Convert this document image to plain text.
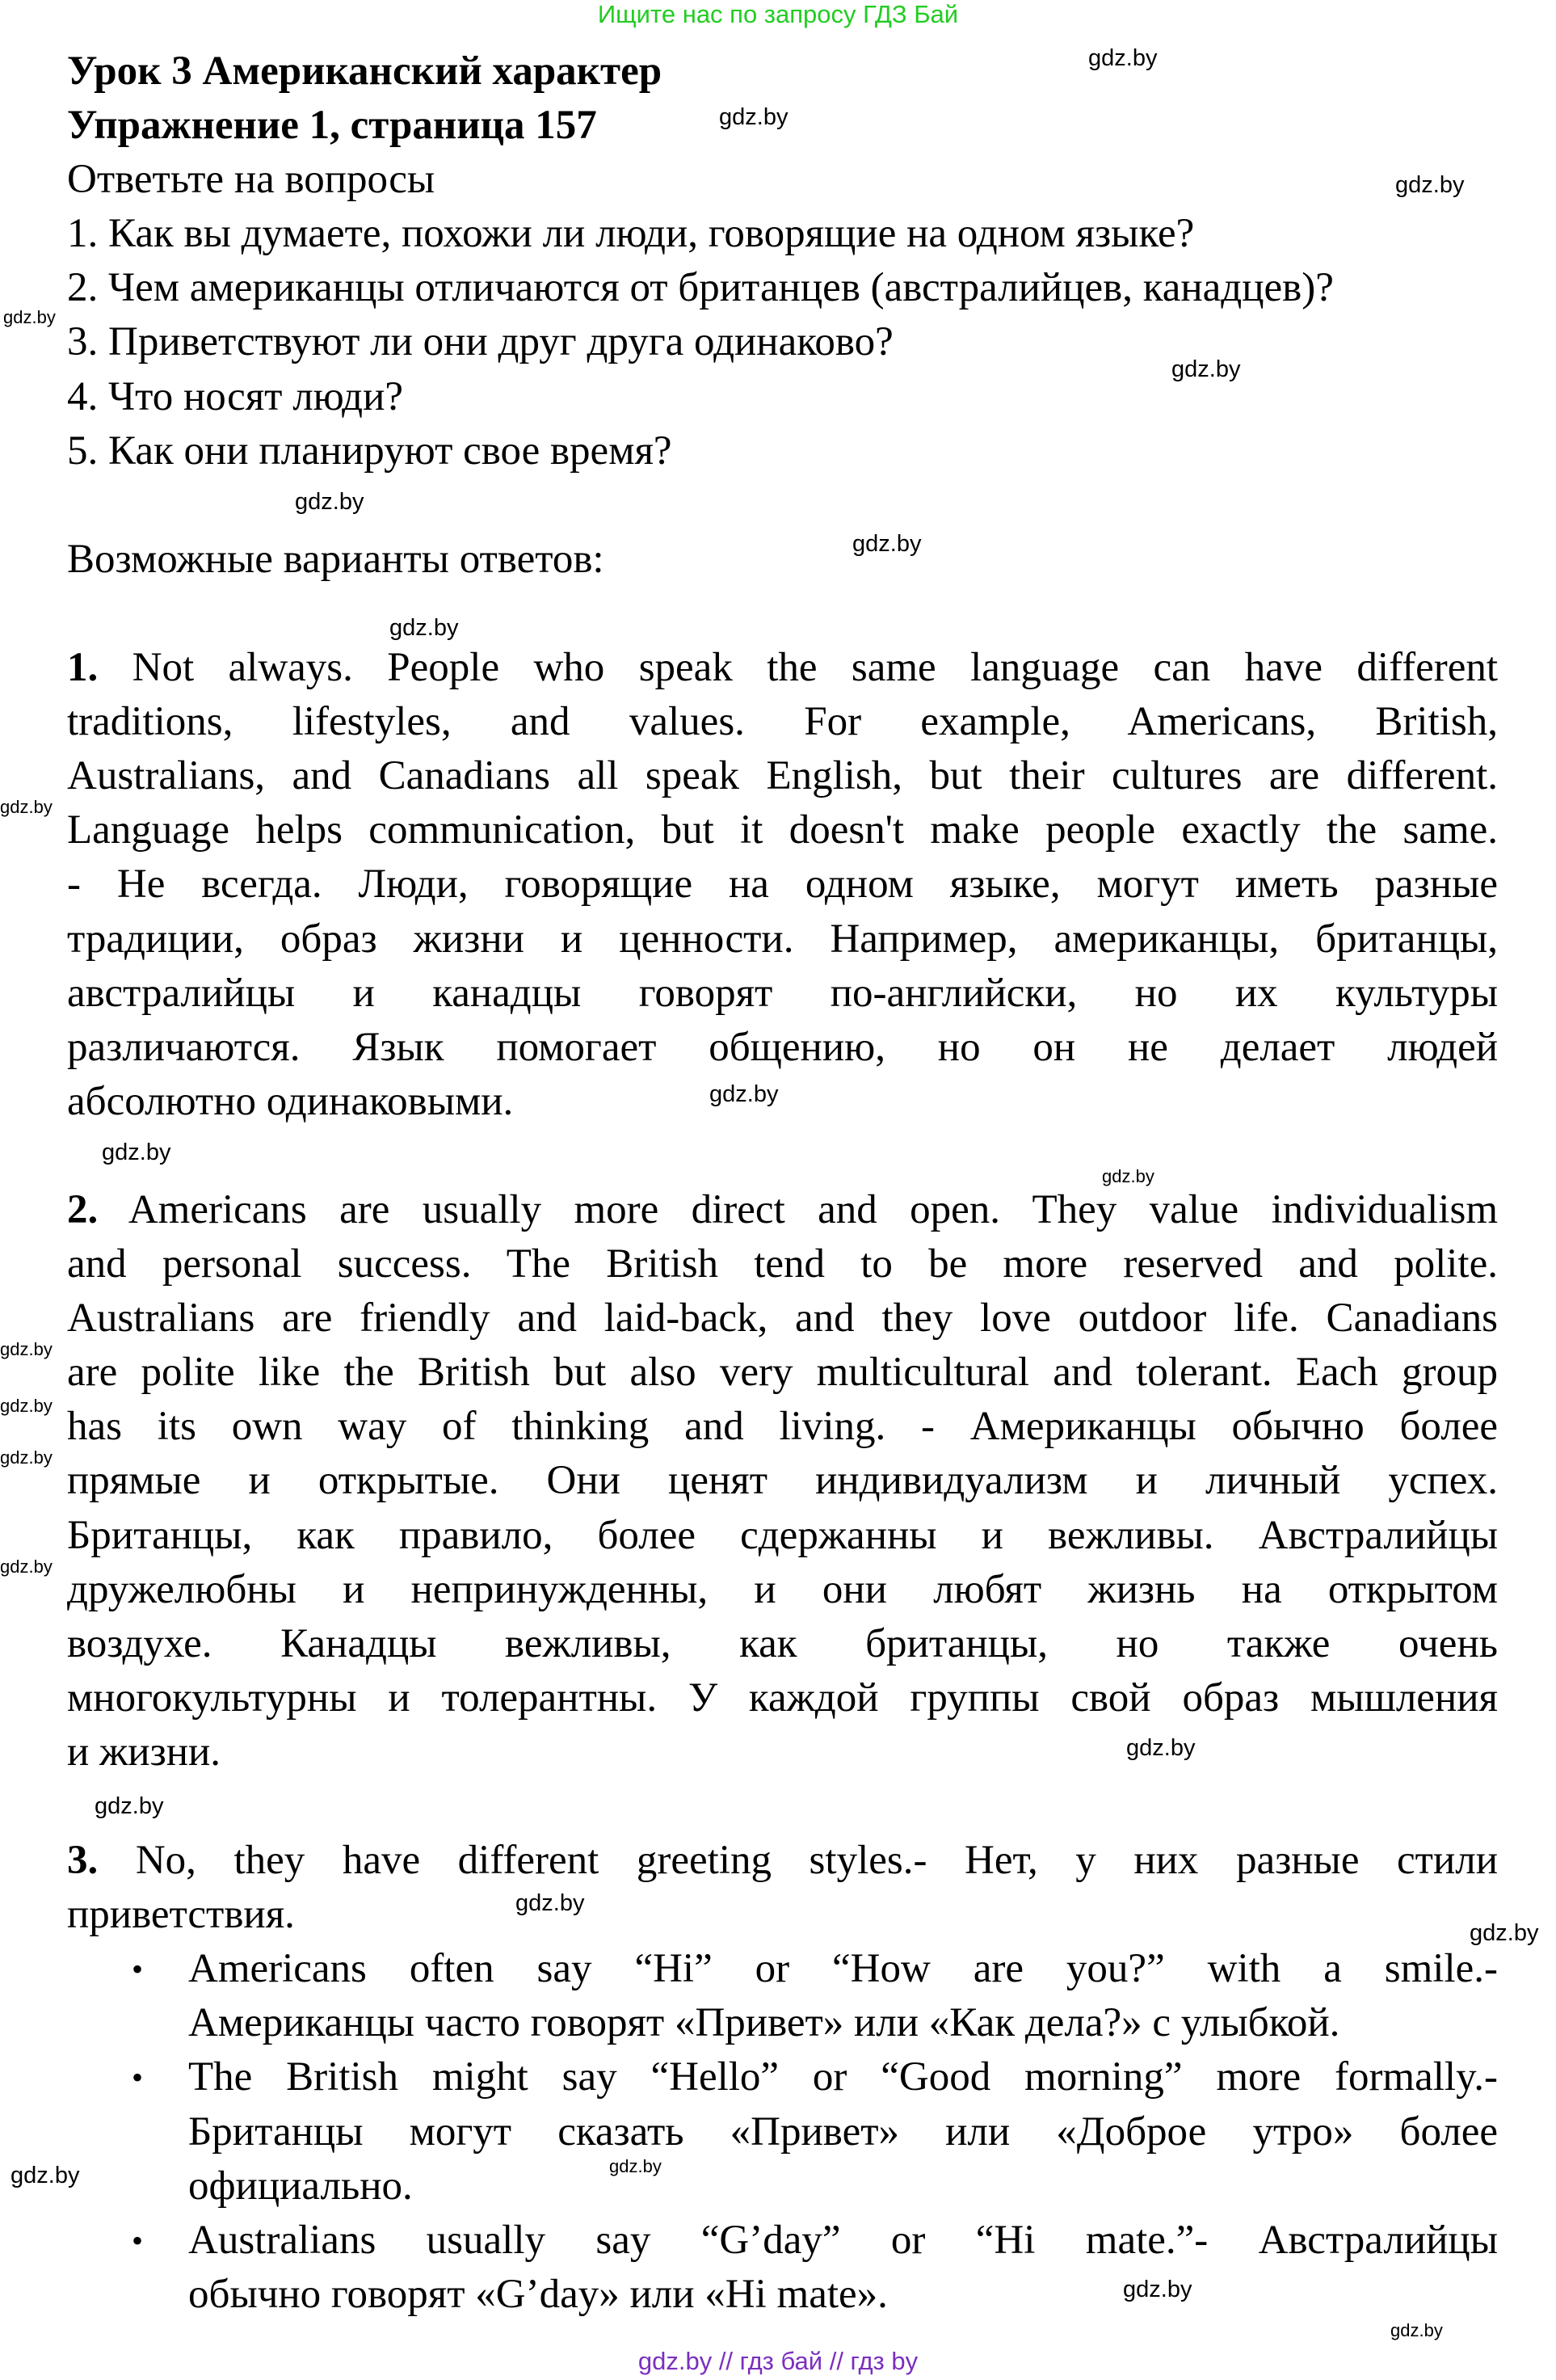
Ищите нас по запросу ГДЗ Бай
Урок 3 Американский характер
Упражнение 1, страница 157
Ответьте на вопросы
1. Как вы думаете, похожи ли люди, говорящие на одном языке?
2. Чем американцы отличаются от британцев (австралийцев, канадцев)?
3. Приветствуют ли они друг друга одинаково?
4. Что носят люди?
5. Как они планируют свое время?
Возможные варианты ответов:
1. Not always. People who speak the same language can have different
traditions, lifestyles, and values. For example, Americans, British,
Australians, and Canadians all speak English, but their cultures are different.
Language helps communication, but it doesn't make people exactly the same.
- Не всегда. Люди, говорящие на одном языке, могут иметь разные
традиции, образ жизни и ценности. Например, американцы, британцы,
австралийцы и канадцы говорят по-английски, но их культуры
различаются. Язык помогает общению, но он не делает людей
абсолютно одинаковыми.
2. Americans are usually more direct and open. They value individualism
and personal success. The British tend to be more reserved and polite.
Australians are friendly and laid-back, and they love outdoor life. Canadians
are polite like the British but also very multicultural and tolerant. Each group
has its own way of thinking and living. - Американцы обычно более
прямые и открытые. Они ценят индивидуализм и личный успех.
Британцы, как правило, более сдержанны и вежливы. Австралийцы
дружелюбны и непринужденны, и они любят жизнь на открытом
воздухе. Канадцы вежливы, как британцы, но также очень
многокультурны и толерантны. У каждой группы свой образ мышления
и жизни.
3. No, they have different greeting styles.- Нет, у них разные стили
приветствия.
• Americans often say “Hi” or “How are you?” with a smile.-
Американцы часто говорят «Привет» или «Как дела?» с улыбкой.
• The British might say “Hello” or “Good morning” more formally.-
Британцы могут сказать «Привет» или «Доброе утро» более
официально.
• Australians usually say “G’day” or “Hi mate.”- Австралийцы
обычно говорят «G’day» или «Hi mate».
gdz.by
gdz.by
gdz.by
gdz.by
gdz.by
gdz.by
gdz.by
gdz.by
gdz.by
gdz.by
gdz.by
gdz.by
gdz.by
gdz.by
gdz.by
gdz.by
gdz.by
gdz.by
gdz.by
gdz.by
gdz.by
gdz.by
gdz.by
gdz.by
gdz.by // гдз бай // гдз by
